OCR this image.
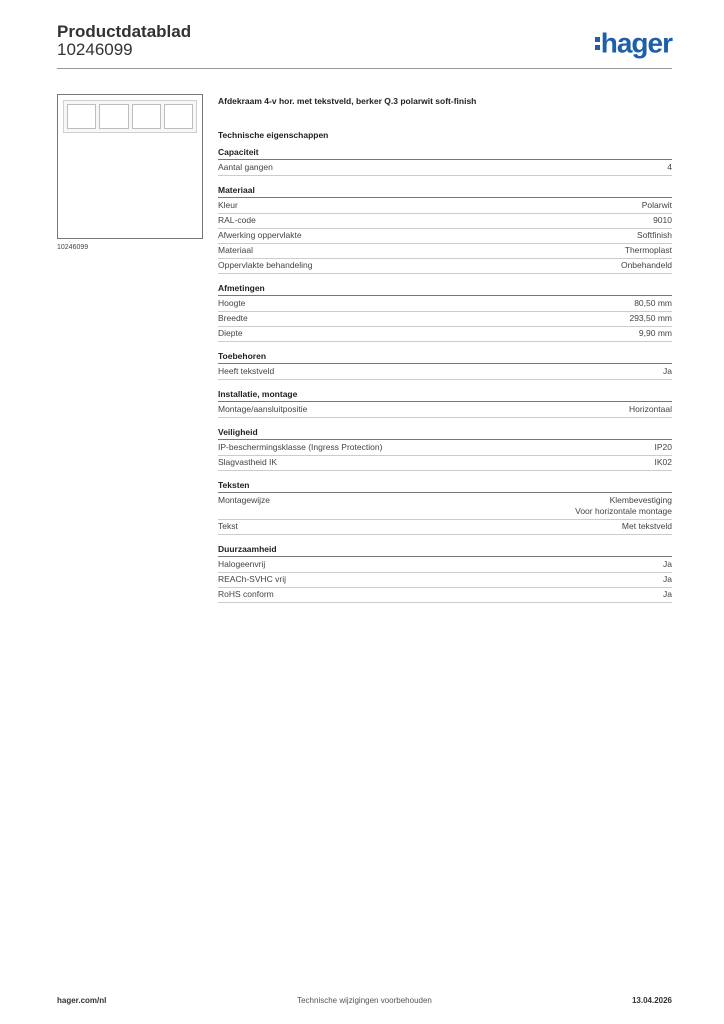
Productdatablad
10246099	hager
10246099
Afdekraam 4-v hor. met tekstveld, berker Q.3 polarwit soft-finish
Technische eigenschappen
Capaciteit
Aantal gangen	4
Materiaal
Kleur	Polarwit
RAL-code	9010
Afwerking oppervlakte	Softfinish
Materiaal	Thermoplast
Oppervlakte behandeling	Onbehandeld
Afmetingen
Hoogte	80,50 mm
Breedte	293,50 mm
Diepte	9,90 mm
Toebehoren
Heeft tekstveld	Ja
Installatie, montage
Montage/aansluitpositie	Horizontaal
Veiligheid
IP-beschermingsklasse (Ingress Protection)	IP20
Slagvastheid IK	IK02
Teksten
Montagewijze	Klembevestiging
Voor horizontale montage
Tekst	Met tekstveld
Duurzaamheid
Halogeenvrij	Ja
REACh-SVHC vrij	Ja
RoHS conform	Ja
hager.com/nl	Technische wijzigingen voorbehouden	13.04.2026
